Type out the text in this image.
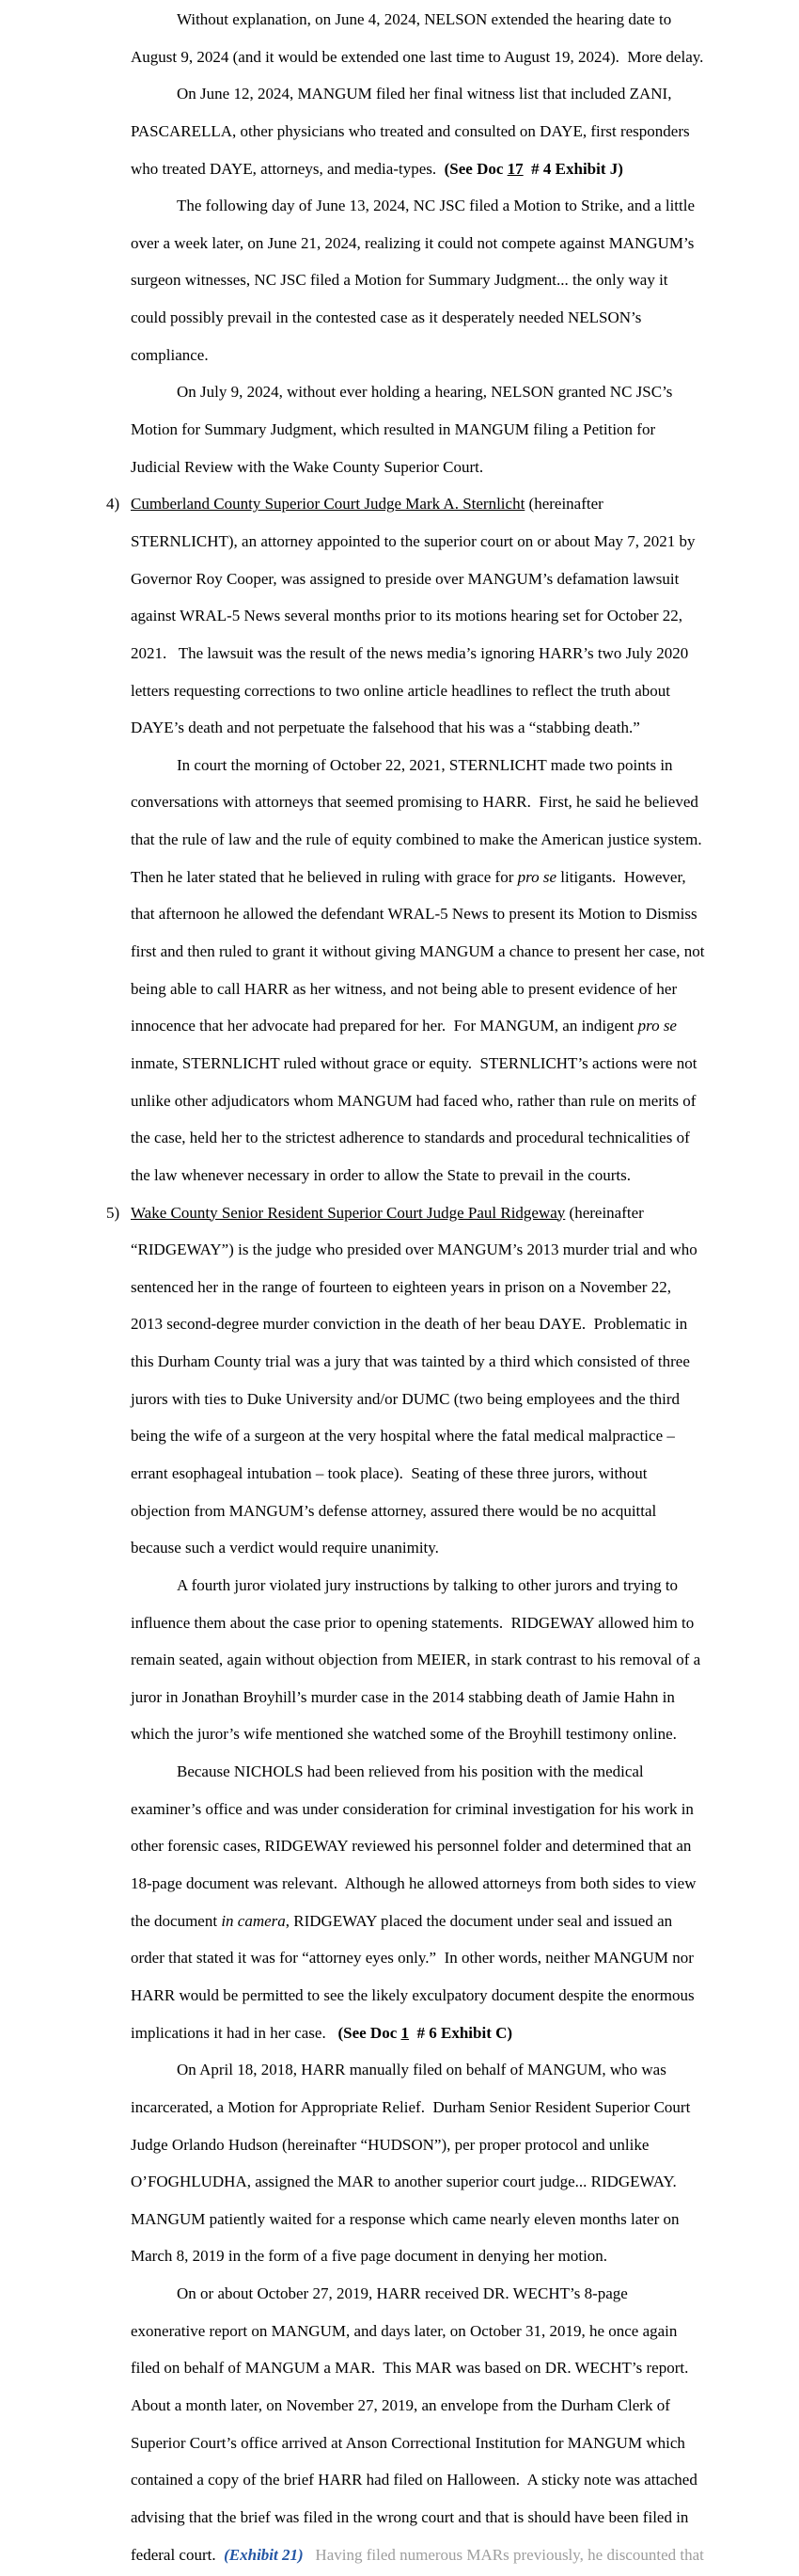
Without explanation, on June 4, 2024, NELSON extended the hearing date to
August 9, 2024 (and it would be extended one last time to August 19, 2024).  More delay.
On June 12, 2024, MANGUM filed her final witness list that included ZANI,
PASCARELLA, other physicians who treated and consulted on DAYE, first responders
who treated DAYE, attorneys, and media-types.  (See Doc 17  # 4 Exhibit J)
The following day of June 13, 2024, NC JSC filed a Motion to Strike, and a little
over a week later, on June 21, 2024, realizing it could not compete against MANGUM’s
surgeon witnesses, NC JSC filed a Motion for Summary Judgment... the only way it
could possibly prevail in the contested case as it desperately needed NELSON’s
compliance.
On July 9, 2024, without ever holding a hearing, NELSON granted NC JSC’s
Motion for Summary Judgment, which resulted in MANGUM filing a Petition for
Judicial Review with the Wake County Superior Court.
4) Cumberland County Superior Court Judge Mark A. Sternlicht (hereinafter
STERNLICHT), an attorney appointed to the superior court on or about May 7, 2021 by
Governor Roy Cooper, was assigned to preside over MANGUM’s defamation lawsuit
against WRAL-5 News several months prior to its motions hearing set for October 22,
2021.   The lawsuit was the result of the news media’s ignoring HARR’s two July 2020
letters requesting corrections to two online article headlines to reflect the truth about
DAYE’s death and not perpetuate the falsehood that his was a “stabbing death.”
In court the morning of October 22, 2021, STERNLICHT made two points in
conversations with attorneys that seemed promising to HARR.  First, he said he believed
that the rule of law and the rule of equity combined to make the American justice system.
Then he later stated that he believed in ruling with grace for pro se litigants.  However,
that afternoon he allowed the defendant WRAL-5 News to present its Motion to Dismiss
first and then ruled to grant it without giving MANGUM a chance to present her case, not
being able to call HARR as her witness, and not being able to present evidence of her
innocence that her advocate had prepared for her.  For MANGUM, an indigent pro se
inmate, STERNLICHT ruled without grace or equity.  STERNLICHT’s actions were not
unlike other adjudicators whom MANGUM had faced who, rather than rule on merits of
the case, held her to the strictest adherence to standards and procedural technicalities of
the law whenever necessary in order to allow the State to prevail in the courts.
5) Wake County Senior Resident Superior Court Judge Paul Ridgeway (hereinafter
“RIDGEWAY”) is the judge who presided over MANGUM’s 2013 murder trial and who
sentenced her in the range of fourteen to eighteen years in prison on a November 22,
2013 second-degree murder conviction in the death of her beau DAYE.  Problematic in
this Durham County trial was a jury that was tainted by a third which consisted of three
jurors with ties to Duke University and/or DUMC (two being employees and the third
being the wife of a surgeon at the very hospital where the fatal medical malpractice –
errant esophageal intubation – took place).  Seating of these three jurors, without
objection from MANGUM’s defense attorney, assured there would be no acquittal
because such a verdict would require unanimity.
A fourth juror violated jury instructions by talking to other jurors and trying to
influence them about the case prior to opening statements.  RIDGEWAY allowed him to
remain seated, again without objection from MEIER, in stark contrast to his removal of a
juror in Jonathan Broyhill’s murder case in the 2014 stabbing death of Jamie Hahn in
which the juror’s wife mentioned she watched some of the Broyhill testimony online.
Because NICHOLS had been relieved from his position with the medical
examiner’s office and was under consideration for criminal investigation for his work in
other forensic cases, RIDGEWAY reviewed his personnel folder and determined that an
18-page document was relevant.  Although he allowed attorneys from both sides to view
the document in camera, RIDGEWAY placed the document under seal and issued an
order that stated it was for “attorney eyes only.”  In other words, neither MANGUM nor
HARR would be permitted to see the likely exculpatory document despite the enormous
implications it had in her case.   (See Doc 1  # 6 Exhibit C)
On April 18, 2018, HARR manually filed on behalf of MANGUM, who was
incarcerated, a Motion for Appropriate Relief.  Durham Senior Resident Superior Court
Judge Orlando Hudson (hereinafter “HUDSON”), per proper protocol and unlike
O’FOGHLUDHA, assigned the MAR to another superior court judge... RIDGEWAY.
MANGUM patiently waited for a response which came nearly eleven months later on
March 8, 2019 in the form of a five page document in denying her motion.
On or about October 27, 2019, HARR received DR. WECHT’s 8-page
exonerative report on MANGUM, and days later, on October 31, 2019, he once again
filed on behalf of MANGUM a MAR.  This MAR was based on DR. WECHT’s report.
About a month later, on November 27, 2019, an envelope from the Durham Clerk of
Superior Court’s office arrived at Anson Correctional Institution for MANGUM which
contained a copy of the brief HARR had filed on Halloween.  A sticky note was attached
advising that the brief was filed in the wrong court and that is should have been filed in
federal court.  (Exhibit 21) Having filed numerous MARs previously, he discounted that
